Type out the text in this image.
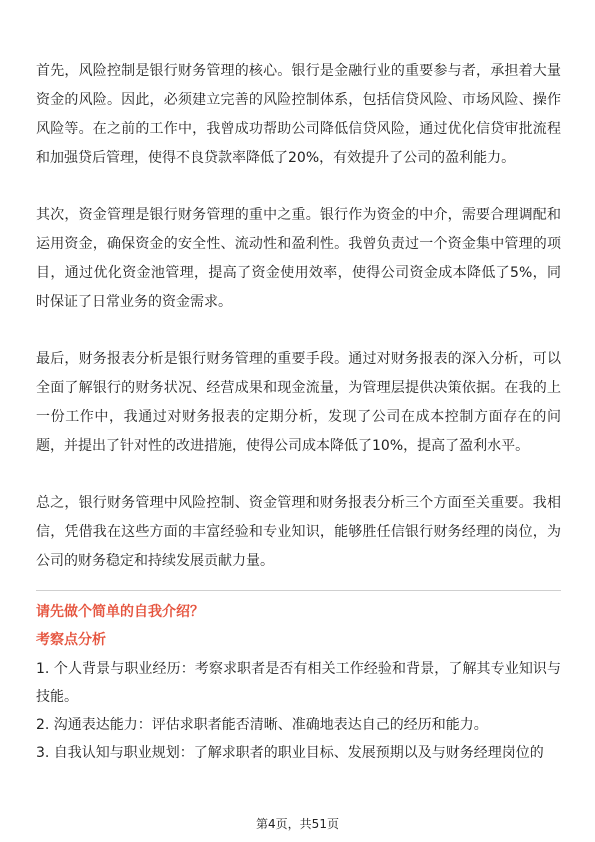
首先，风险控制是银行财务管理的核心。银行是金融行业的重要参与者，承担着大量资金的风险。因此，必须建立完善的风险控制体系，包括信贷风险、市场风险、操作风险等。在之前的工作中，我曾成功帮助公司降低信贷风险，通过优化信贷审批流程和加强贷后管理，使得不良贷款率降低了20%，有效提升了公司的盈利能力。

其次，资金管理是银行财务管理的重中之重。银行作为资金的中介，需要合理调配和运用资金，确保资金的安全性、流动性和盈利性。我曾负责过一个资金集中管理的项目，通过优化资金池管理，提高了资金使用效率，使得公司资金成本降低了5%，同时保证了日常业务的资金需求。

最后，财务报表分析是银行财务管理的重要手段。通过对财务报表的深入分析，可以全面了解银行的财务状况、经营成果和现金流量，为管理层提供决策依据。在我的上一份工作中，我通过对财务报表的定期分析，发现了公司在成本控制方面存在的问题，并提出了针对性的改进措施，使得公司成本降低了10%，提高了盈利水平。

总之，银行财务管理中风险控制、资金管理和财务报表分析三个方面至关重要。我相信，凭借我在这些方面的丰富经验和专业知识，能够胜任信银行财务经理的岗位，为公司的财务稳定和持续发展贡献力量。

请先做个简单的自我介绍？
考察点分析

1. 个人背景与职业经历：考察求职者是否有相关工作经验和背景，了解其专业知识与技能。

2. 沟通表达能力：评估求职者能否清晰、准确地表达自己的经历和能力。

3. 自我认知与职业规划：了解求职者的职业目标、发展预期以及与财务经理岗位的

第4页，共51页
